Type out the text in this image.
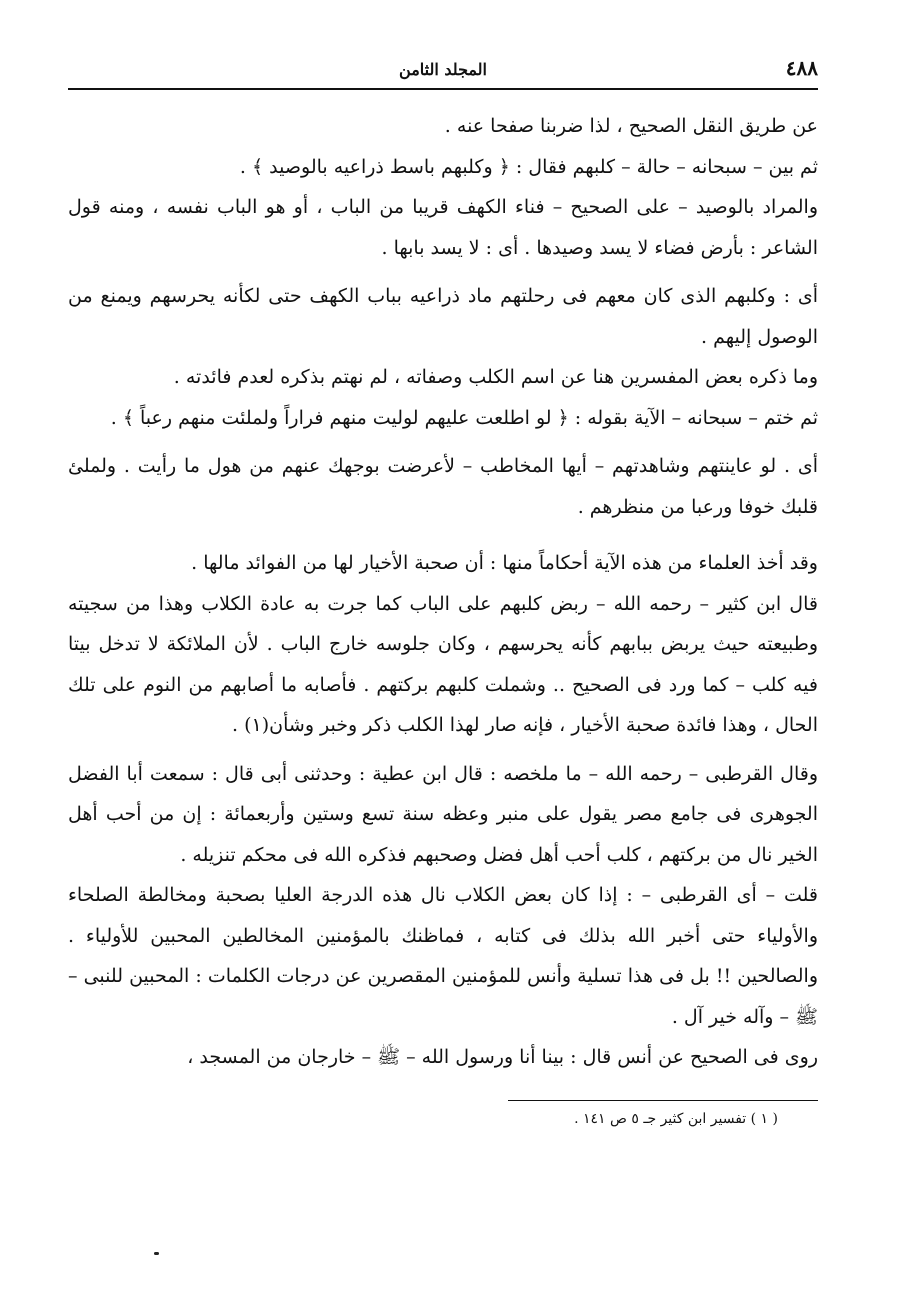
٤٨٨
المجلد الثامن

عن طريق النقل الصحيح ، لذا ضربنا صفحا عنه .

ثم بين – سبحانه – حالة – كلبهم فقال : ﴿ وكلبهم باسط ذراعيه بالوصيد ﴾ .

والمراد بالوصيد – على الصحيح – فناء الكهف قريبا من الباب ، أو هو الباب نفسه ، ومنه قول الشاعر : بأرض فضاء لا يسد وصيدها . أى : لا يسد بابها .

أى : وكلبهم الذى كان معهم فى رحلتهم ماد ذراعيه بباب الكهف حتى لكأنه يحرسهم ويمنع من الوصول إليهم .

وما ذكره بعض المفسرين هنا عن اسم الكلب وصفاته ، لم نهتم بذكره لعدم فائدته .

ثم ختم – سبحانه – الآية بقوله : ﴿ لو اطلعت عليهم لوليت منهم فراراً ولملئت منهم رعباً ﴾ .

أى . لو عاينتهم وشاهدتهم – أيها المخاطب – لأعرضت بوجهك عنهم من هول ما رأيت . ولملئ قلبك خوفا ورعبا من منظرهم .

وقد أخذ العلماء من هذه الآية أحكاماً منها : أن صحبة الأخيار لها من الفوائد مالها .

قال ابن كثير – رحمه الله – ربض كلبهم على الباب كما جرت به عادة الكلاب وهذا من سجيته وطبيعته حيث يربض ببابهم كأنه يحرسهم ، وكان جلوسه خارج الباب . لأن الملائكة لا تدخل بيتا فيه كلب – كما ورد فى الصحيح .. وشملت كلبهم بركتهم . فأصابه ما أصابهم من النوم على تلك الحال ، وهذا فائدة صحبة الأخيار ، فإنه صار لهذا الكلب ذكر وخبر وشأن(١) .

وقال القرطبى – رحمه الله – ما ملخصه : قال ابن عطية : وحدثنى أبى قال : سمعت أبا الفضل الجوهرى فى جامع مصر يقول على منبر وعظه سنة تسع وستين وأربعمائة : إن من أحب أهل الخير نال من بركتهم ، كلب أحب أهل فضل وصحبهم فذكره الله فى محكم تنزيله .

قلت – أى القرطبى – : إذا كان بعض الكلاب نال هذه الدرجة العليا بصحبة ومخالطة الصلحاء والأولياء حتى أخبر الله بذلك فى كتابه ، فماظنك بالمؤمنين المخالطين المحبين للأولياء . والصالحين !! بل فى هذا تسلية وأنس للمؤمنين المقصرين عن درجات الكلمات : المحبين للنبى – ﷺ – وآله خير آل .

روى فى الصحيح عن أنس قال : بينا أنا ورسول الله – ﷺ – خارجان من المسجد ،

( ١ ) تفسير ابن كثير جـ ٥ ص ١٤١ .
